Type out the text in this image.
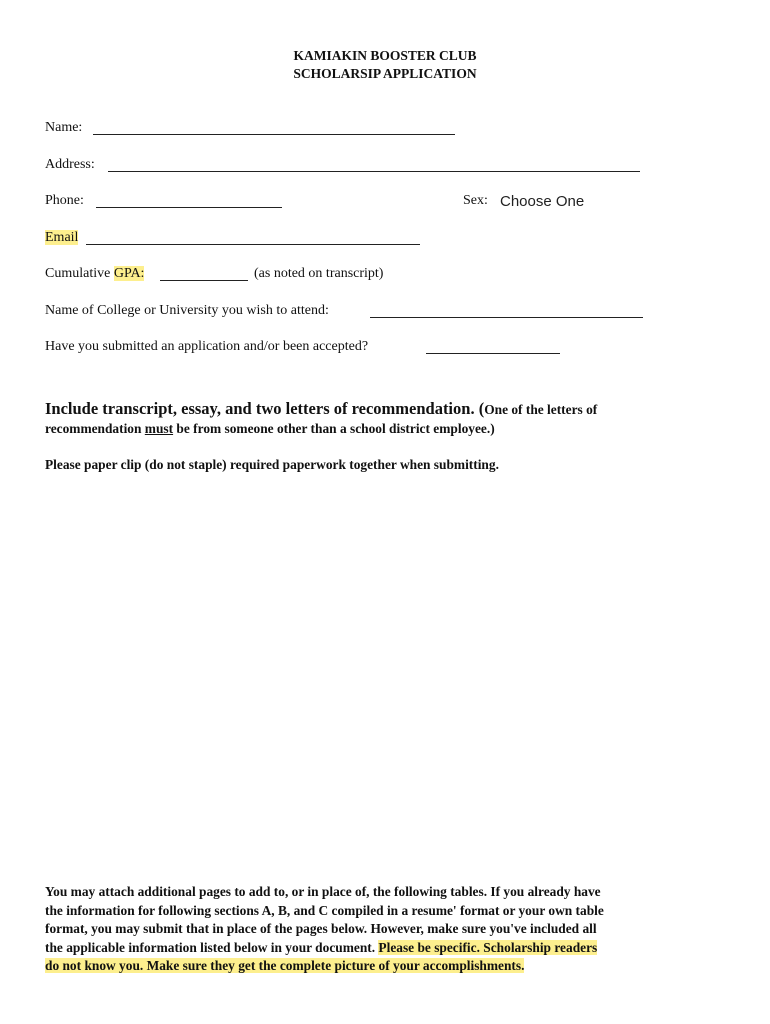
KAMIAKIN BOOSTER CLUB
SCHOLARSIP APPLICATION
Name:
Address:
Phone:	Sex: Choose One
Email
Cumulative GPA:	(as noted on transcript)
Name of College or University you wish to attend:
Have you submitted an application and/or been accepted?
Include transcript, essay, and two letters of recommendation. (One of the letters of
recommendation must be from someone other than a school district employee.)
Please paper clip (do not staple) required paperwork together when submitting.
You may attach additional pages to add to, or in place of, the following tables. If you already have
the information for following sections A, B, and C compiled in a resume' format or your own table
format, you may submit that in place of the pages below. However, make sure you've included all
the applicable information listed below in your document. Please be specific. Scholarship readers
do not know you. Make sure they get the complete picture of your accomplishments.
